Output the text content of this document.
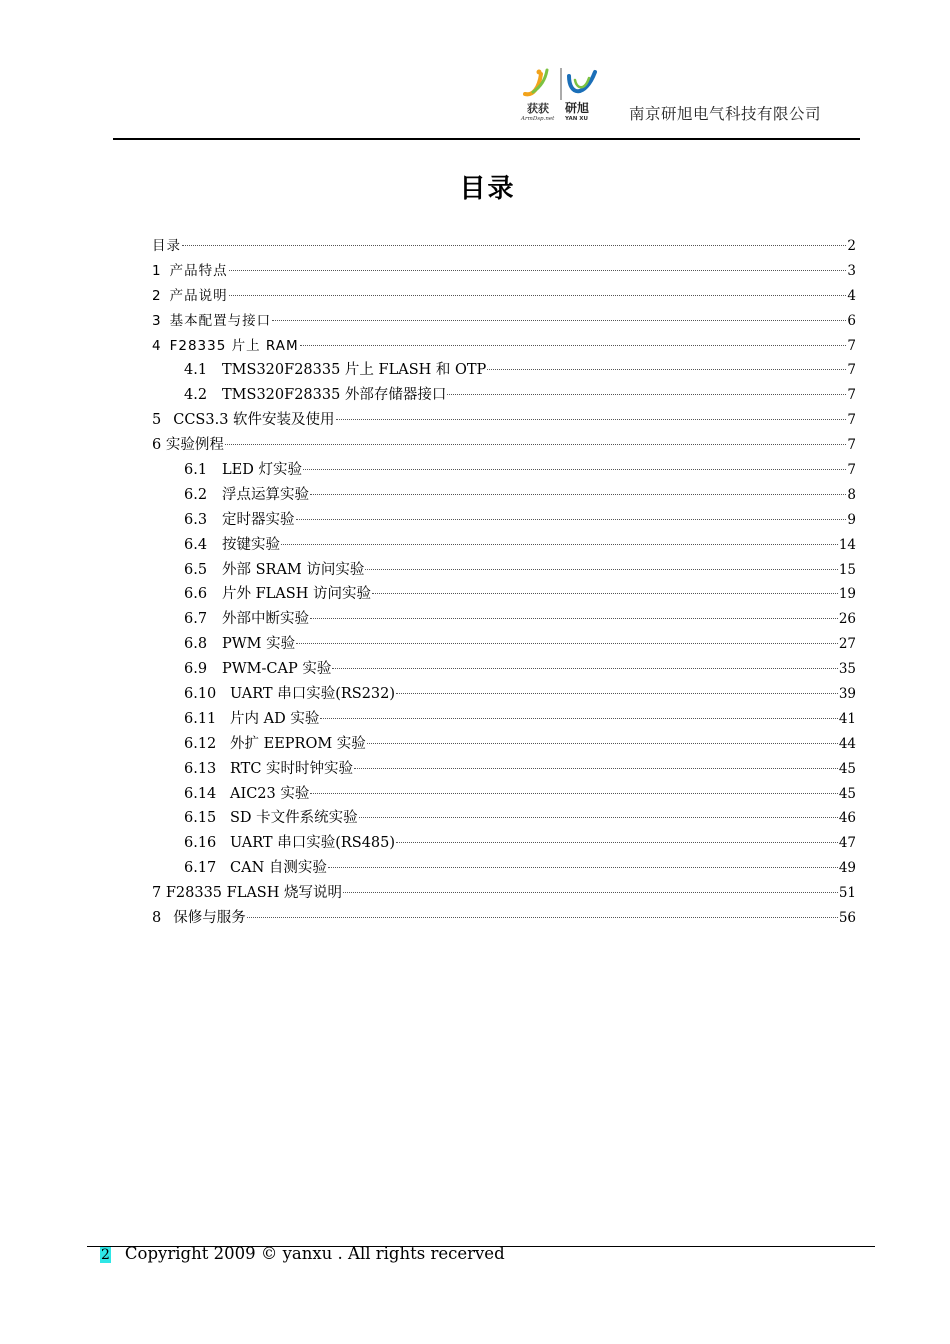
获获 研旭
ArmDsp.net YAN XU	南京研旭电气科技有限公司
目录
目录	2
1 产品特点	3
2 产品说明	4
3 基本配置与接口	6
4 F28335 片上 RAM	7
4.1	TMS320F28335 片上 FLASH 和 OTP	7
4.2	TMS320F28335 外部存储器接口	7
5 CCS3.3 软件安装及使用	7
6 实验例程	7
6.1	LED 灯实验	7
6.2	浮点运算实验	8
6.3	定时器实验	9
6.4	按键实验	14
6.5	外部 SRAM 访问实验	15
6.6	片外 FLASH 访问实验	19
6.7	外部中断实验	26
6.8	PWM 实验	27
6.9	PWM-CAP 实验	35
6.10 UART 串口实验(RS232)	39
6.11 片内 AD 实验	41
6.12 外扩 EEPROM 实验	44
6.13 RTC 实时时钟实验	45
6.14 AIC23 实验	45
6.15 SD 卡文件系统实验	46
6.16 UART 串口实验(RS485)	47
6.17 CAN 自测实验	49
7 F28335 FLASH 烧写说明	51
8 保修与服务	56
2 Copyright 2009 © yanxu . All rights recerved
